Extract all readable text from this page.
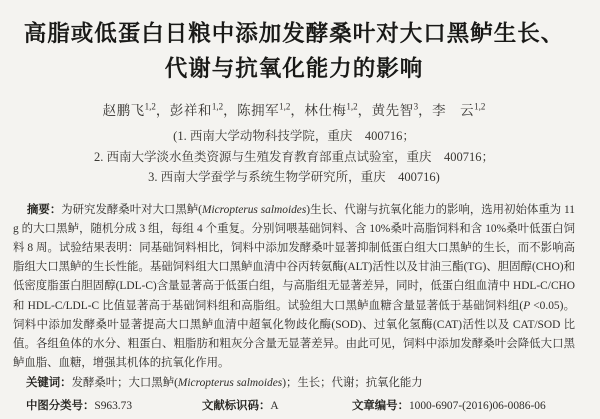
高脂或低蛋白日粮中添加发酵桑叶对大口黑鲈生长、
代谢与抗氧化能力的影响
赵鹏飞$^{1,2}$，彭祥和$^{1,2}$，陈拥军$^{1,2}$，林仕梅$^{1,2}$，黄先智$^3$，李　云$^{1,2}$
(1. 西南大学动物科技学院，重庆　400716；
2. 西南大学淡水鱼类资源与生殖发育教育部重点试验室，重庆　400716；
3. 西南大学蚕学与系统生物学研究所，重庆　400716)

摘要：为研究发酵桑叶对大口黑鲈(Micropterus salmoides)生长、代谢与抗氧化能力的影响，选用初始体重为 11 g 的大口黑鲈，随机分成 3 组，每组 4 个重复。分别饲喂基础饲料、含 10%桑叶高脂饲料和含 10%桑叶低蛋白饲料 8 周。试验结果表明：同基础饲料相比，饲料中添加发酵桑叶显著抑制低蛋白组大口黑鲈的生长，而不影响高脂组大口黑鲈的生长性能。基础饲料组大口黑鲈血清中谷丙转氨酶(ALT)活性以及甘油三酯(TG)、胆固醇(CHO)和低密度脂蛋白胆固醇(LDL-C)含量显著高于低蛋白组，与高脂组无显著差异，同时，低蛋白组血清中 HDL-C/CHO 和 HDL-C/LDL-C 比值显著高于基础饲料组和高脂组。试验组大口黑鲈血糖含量显著低于基础饲料组(P <0.05)。饲料中添加发酵桑叶显著提高大口黑鲈血清中超氧化物歧化酶(SOD)、过氧化氢酶(CAT)活性以及 CAT/SOD 比值。各组鱼体的水分、粗蛋白、粗脂肪和粗灰分含量无显著差异。由此可见，饲料中添加发酵桑叶会降低大口黑鲈血脂、血糖，增强其机体的抗氧化作用。

关键词：发酵桑叶；大口黑鲈(Micropterus salmoides)；生长；代谢；抗氧化能力
中图分类号：S963.73	文献标识码：A	文章编号：1000-6907-(2016)06-0086-06
